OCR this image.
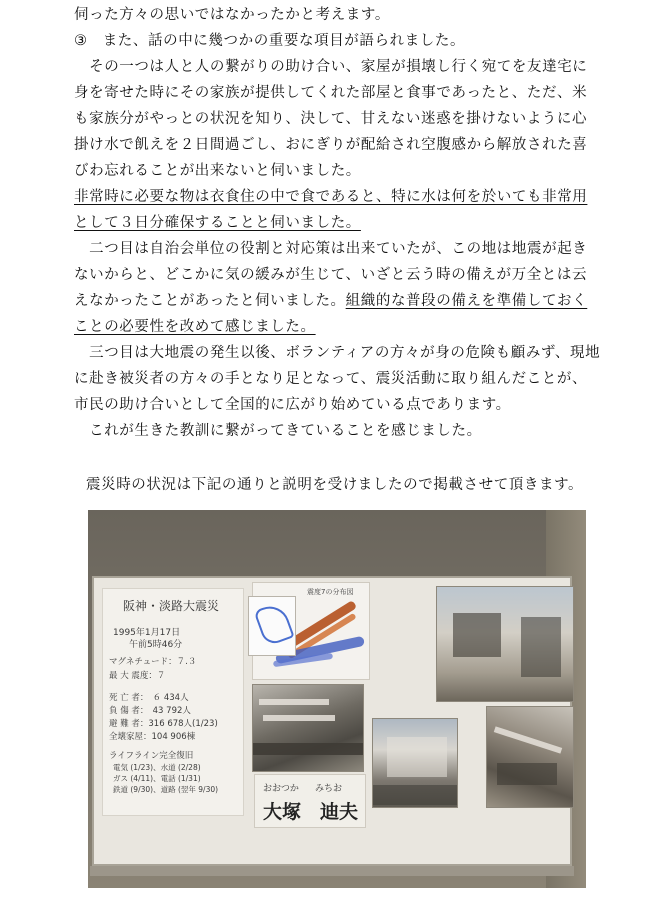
伺った方々の思いではなかったかと考えます。
③　また、話の中に幾つかの重要な項目が語られました。
　その一つは人と人の繋がりの助け合い、家屋が損壊し行く宛てを友達宅に
身を寄せた時にその家族が提供してくれた部屋と食事であったと、ただ、米
も家族分がやっとの状況を知り、決して、甘えない迷惑を掛けないように心
掛け水で飢えを２日間過ごし、おにぎりが配給され空腹感から解放された喜
びわ忘れることが出来ないと伺いました。
非常時に必要な物は衣食住の中で食であると、特に水は何を於いても非常用
として３日分確保することと伺いました。
　二つ目は自治会単位の役割と対応策は出来ていたが、この地は地震が起き
ないからと、どこかに気の緩みが生じて、いざと云う時の備えが万全とは云
えなかったことがあったと伺いました。組織的な普段の備えを準備しておく
ことの必要性を改めて感じました。
　三つ目は大地震の発生以後、ボランティアの方々が身の危険も顧みず、現地
に赴き被災者の方々の手となり足となって、震災活動に取り組んだことが、
市民の助け合いとして全国的に広がり始めている点であります。
　これが生きた教訓に繋がってきていることを感じました。
震災時の状況は下記の通りと説明を受けましたので掲載させて頂きます。
阪神・淡路大震災
1995年1月17日
午前5時46分
マグネチュード：７.３
最 大 震度：７
死 亡 者：　６ 434人
負 傷 者：　43 792人
避 難 者：316 678人(1/23)
全壊家屋：104 906棟
ライフライン完全復旧
電気 (1/23)、水道 (2/28)
ガス (4/11)、電話 (1/31)
鉄道 (9/30)、道路 (翌年 9/30)
震度7の分布図
おおつか みちお
大塚　迪夫
